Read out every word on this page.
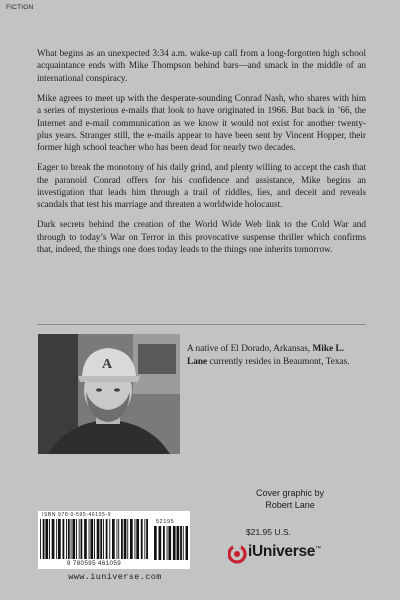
FICTION

What begins as an unexpected 3:34 a.m. wake-up call from a long-forgotten high school acquaintance ends with Mike Thompson behind bars—and smack in the middle of an international conspiracy.

Mike agrees to meet up with the desperate-sounding Conrad Nash, who shares with him a series of mysterious e-mails that look to have originated in 1966. But back in ’66, the Internet and e-mail communication as we know it would not exist for another twenty-plus years. Stranger still, the e-mails appear to have been sent by Vincent Hopper, their former high school teacher who has been dead for nearly two decades.

Eager to break the monotony of his daily grind, and plenty willing to accept the cash that the paranoid Conrad offers for his confidence and assistance, Mike begins an investigation that leads him through a trail of riddles, lies, and deceit and reveals scandals that test his marriage and threaten a worldwide holocaust.

Dark secrets behind the creation of the World Wide Web link to the Cold War and through to today’s War on Terror in this provocative suspense thriller which confirms that, indeed, the things one does today leads to the things one inherits tomorrow.

A
A native of El Dorado, Arkansas, Mike L. Lane currently resides in Beaumont, Texas.
ISBN 978-0-595-46105-9
9 780595 461059
52195
www.iuniverse.com
Cover graphic by
Robert Lane
$21.95 U.S.
iUniverse™
